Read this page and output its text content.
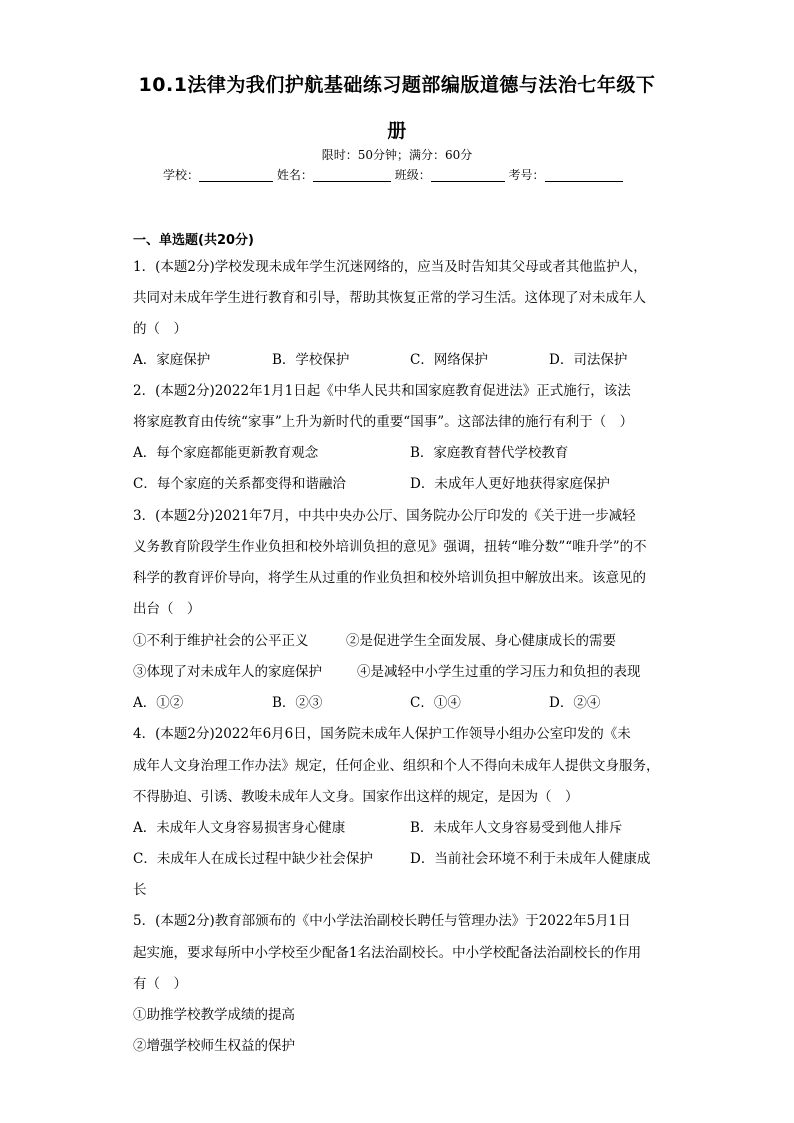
10.1法律为我们护航基础练习题部编版道德与法治七年级下
册
限时：50分钟；满分：60分
学校：	姓名：	班级：	考号：
一、单选题(共20分)
1．(本题2分)学校发现未成年学生沉迷网络的，应当及时告知其父母或者其他监护人，
共同对未成年学生进行教育和引导，帮助其恢复正常的学习生活。这体现了对未成年人
的（　）
A．家庭保护	B．学校保护	C．网络保护	D．司法保护
2．(本题2分)2022年1月1日起《中华人民共和国家庭教育促进法》正式施行，该法
将家庭教育由传统“家事”上升为新时代的重要“国事”。这部法律的施行有利于（　）
A．每个家庭都能更新教育观念	B．家庭教育替代学校教育
C．每个家庭的关系都变得和谐融洽	D．未成年人更好地获得家庭保护
3．(本题2分)2021年7月，中共中央办公厅、国务院办公厅印发的《关于进一步减轻
义务教育阶段学生作业负担和校外培训负担的意见》强调，扭转“唯分数”“唯升学”的不
科学的教育评价导向，将学生从过重的作业负担和校外培训负担中解放出来。该意见的
出台（　）
①不利于维护社会的公平正义	②是促进学生全面发展、身心健康成长的需要
③体现了对未成年人的家庭保护	④是减轻中小学生过重的学习压力和负担的表现
A．①②	B．②③	C．①④	D．②④
4．(本题2分)2022年6月6日，国务院未成年人保护工作领导小组办公室印发的《未
成年人文身治理工作办法》规定，任何企业、组织和个人不得向未成年人提供文身服务，
不得胁迫、引诱、教唆未成年人文身。国家作出这样的规定，是因为（　）
A．未成年人文身容易损害身心健康	B．未成年人文身容易受到他人排斥
C．未成年人在成长过程中缺少社会保护	D．当前社会环境不利于未成年人健康成
长
5．(本题2分)教育部颁布的《中小学法治副校长聘任与管理办法》于2022年5月1日
起实施，要求每所中小学校至少配备1名法治副校长。中小学校配备法治副校长的作用
有（　）
①助推学校教学成绩的提高
②增强学校师生权益的保护
